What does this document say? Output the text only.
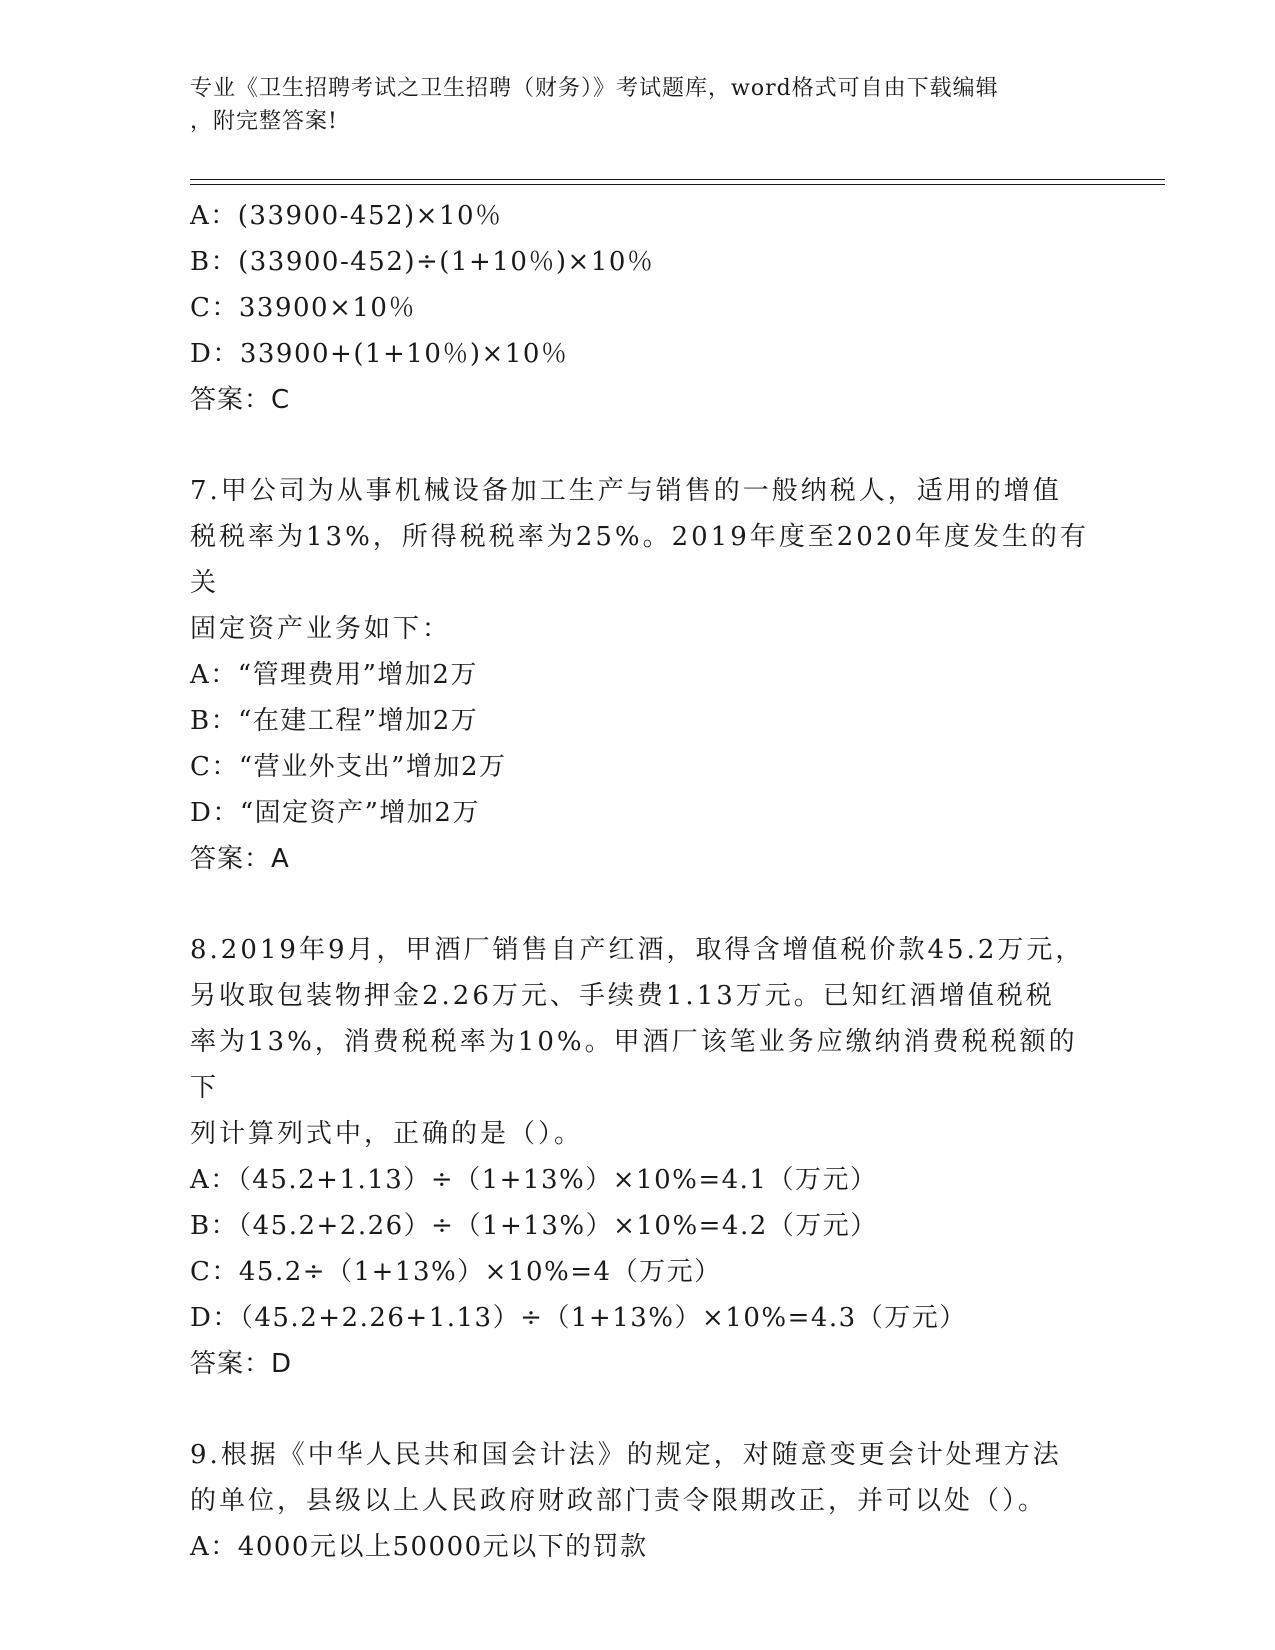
专业《卫生招聘考试之卫生招聘（财务）》考试题库，word格式可自由下载编辑
，附完整答案!
A：(33900-452)×10％
B：(33900-452)÷(1+10％)×10％
C：33900×10％
D：33900+(1+10％)×10％
答案：C
7.甲公司为从事机械设备加工生产与销售的一般纳税人，适用的增值
税税率为13%，所得税税率为25%。2019年度至2020年度发生的有关
固定资产业务如下：
A：“管理费用”增加2万
B：“在建工程”增加2万
C：“营业外支出”增加2万
D：“固定资产”增加2万
答案：A
8.2019年9月，甲酒厂销售自产红酒，取得含增值税价款45.2万元，
另收取包装物押金2.26万元、手续费1.13万元。已知红酒增值税税
率为13%，消费税税率为10%。甲酒厂该笔业务应缴纳消费税税额的下
列计算列式中，正确的是（）。
A：（45.2+1.13）÷（1+13%）×10%=4.1（万元）
B：（45.2+2.26）÷（1+13%）×10%=4.2（万元）
C：45.2÷（1+13%）×10%=4（万元）
D：（45.2+2.26+1.13）÷（1+13%）×10%=4.3（万元）
答案：D
9.根据《中华人民共和国会计法》的规定，对随意变更会计处理方法
的单位，县级以上人民政府财政部门责令限期改正，并可以处（）。
A：4000元以上50000元以下的罚款
